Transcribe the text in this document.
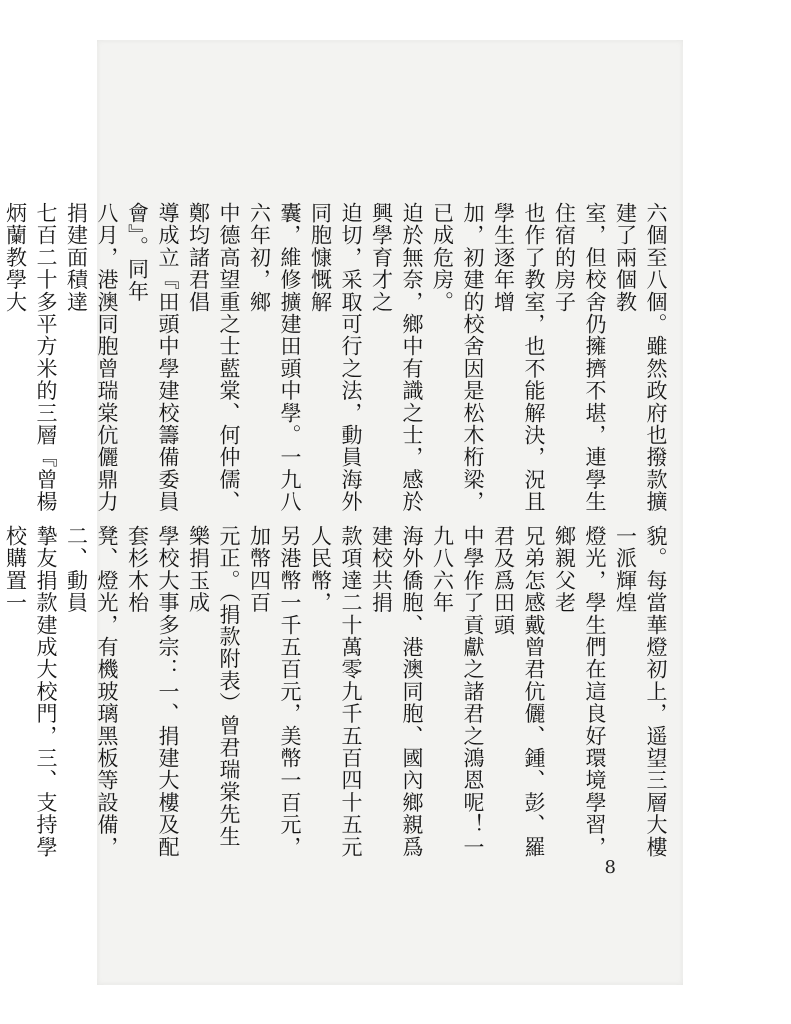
六個至八個。雖然政府也撥款擴建了兩個教

室，但校舍仍擁擠不堪，連學生住宿的房子

也作了教室，也不能解決，況且學生逐年增

加，初建的校舍因是松木桁梁，已成危房。

迫於無奈，鄉中有識之士，感於興學育才之

迫切，采取可行之法，動員海外同胞慷慨解

囊，維修擴建田頭中學。一九八六年初，鄉

中德高望重之士藍棠、何仲儒、鄭均諸君倡

導成立『田頭中學建校籌備委員會』。同年

八月，港澳同胞曾瑞棠伉儷鼎力捐建面積達

七百二十多平方米的三層『曾楊炳蘭教學大

貌。每當華燈初上，遥望三層大樓一派輝煌

燈光，學生們在這良好環境學習，鄉親父老

兄弟怎感戴曾君伉儷、鍾、彭、羅君及爲田頭

中學作了貢獻之諸君之鴻恩呢！一九八六年

海外僑胞、港澳同胞、國內鄉親爲建校共捐

款項達二十萬零九千五百四十五元人民幣，

另港幣一千五百元，美幣一百元，加幣四百

元正。（捐款附表）曾君瑞棠先生樂捐玉成

學校大事多宗：一、捐建大樓及配套杉木枱

凳、燈光，有機玻璃黑板等設備，二、動員

摯友捐款建成大校門，三、支持學校購置一

8
